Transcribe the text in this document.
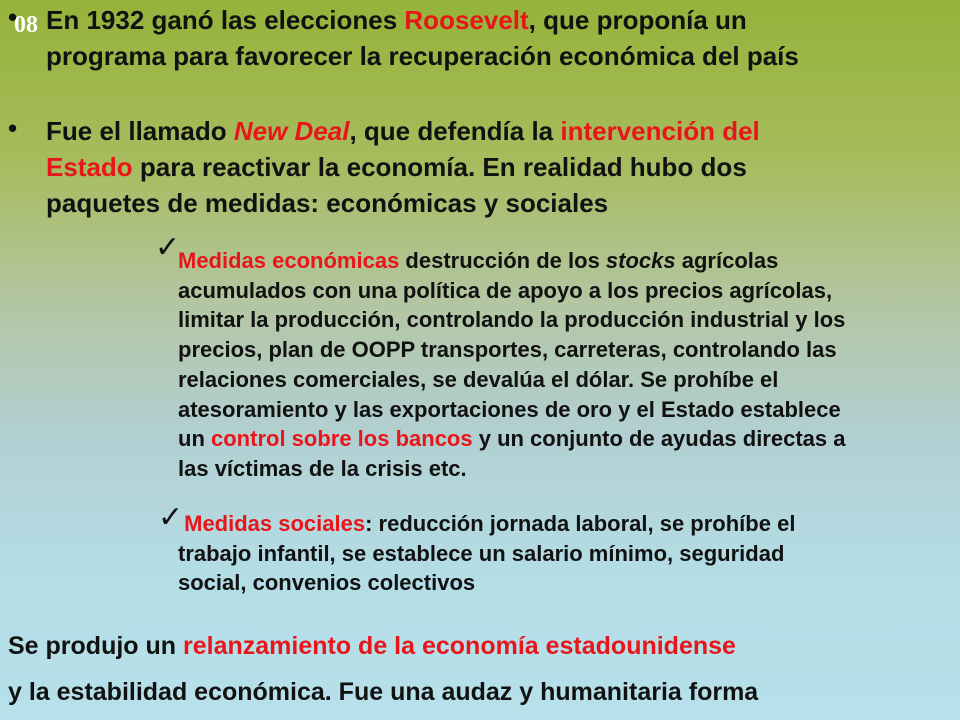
08
• En 1932 ganó las elecciones Roosevelt, que proponía un
programa para favorecer la recuperación económica del país
• Fue el llamado New Deal, que defendía la intervención del
Estado para reactivar la economía. En realidad hubo dos
paquetes de medidas: económicas y sociales
✓
Medidas económicas destrucción de los stocks agrícolas
acumulados con una política de apoyo a los precios agrícolas,
limitar la producción, controlando la producción industrial y los
precios, plan de OOPP transportes, carreteras, controlando las
relaciones comerciales, se devalúa el dólar. Se prohíbe el
atesoramiento y las exportaciones de oro y el Estado establece
un control sobre los bancos y un conjunto de ayudas directas a
las víctimas de la crisis etc.
✓ Medidas sociales: reducción jornada laboral, se prohíbe el
trabajo infantil, se establece un salario mínimo, seguridad
social, convenios colectivos
Se produjo un relanzamiento de la economía estadounidense
y la estabilidad económica. Fue una audaz y humanitaria forma
